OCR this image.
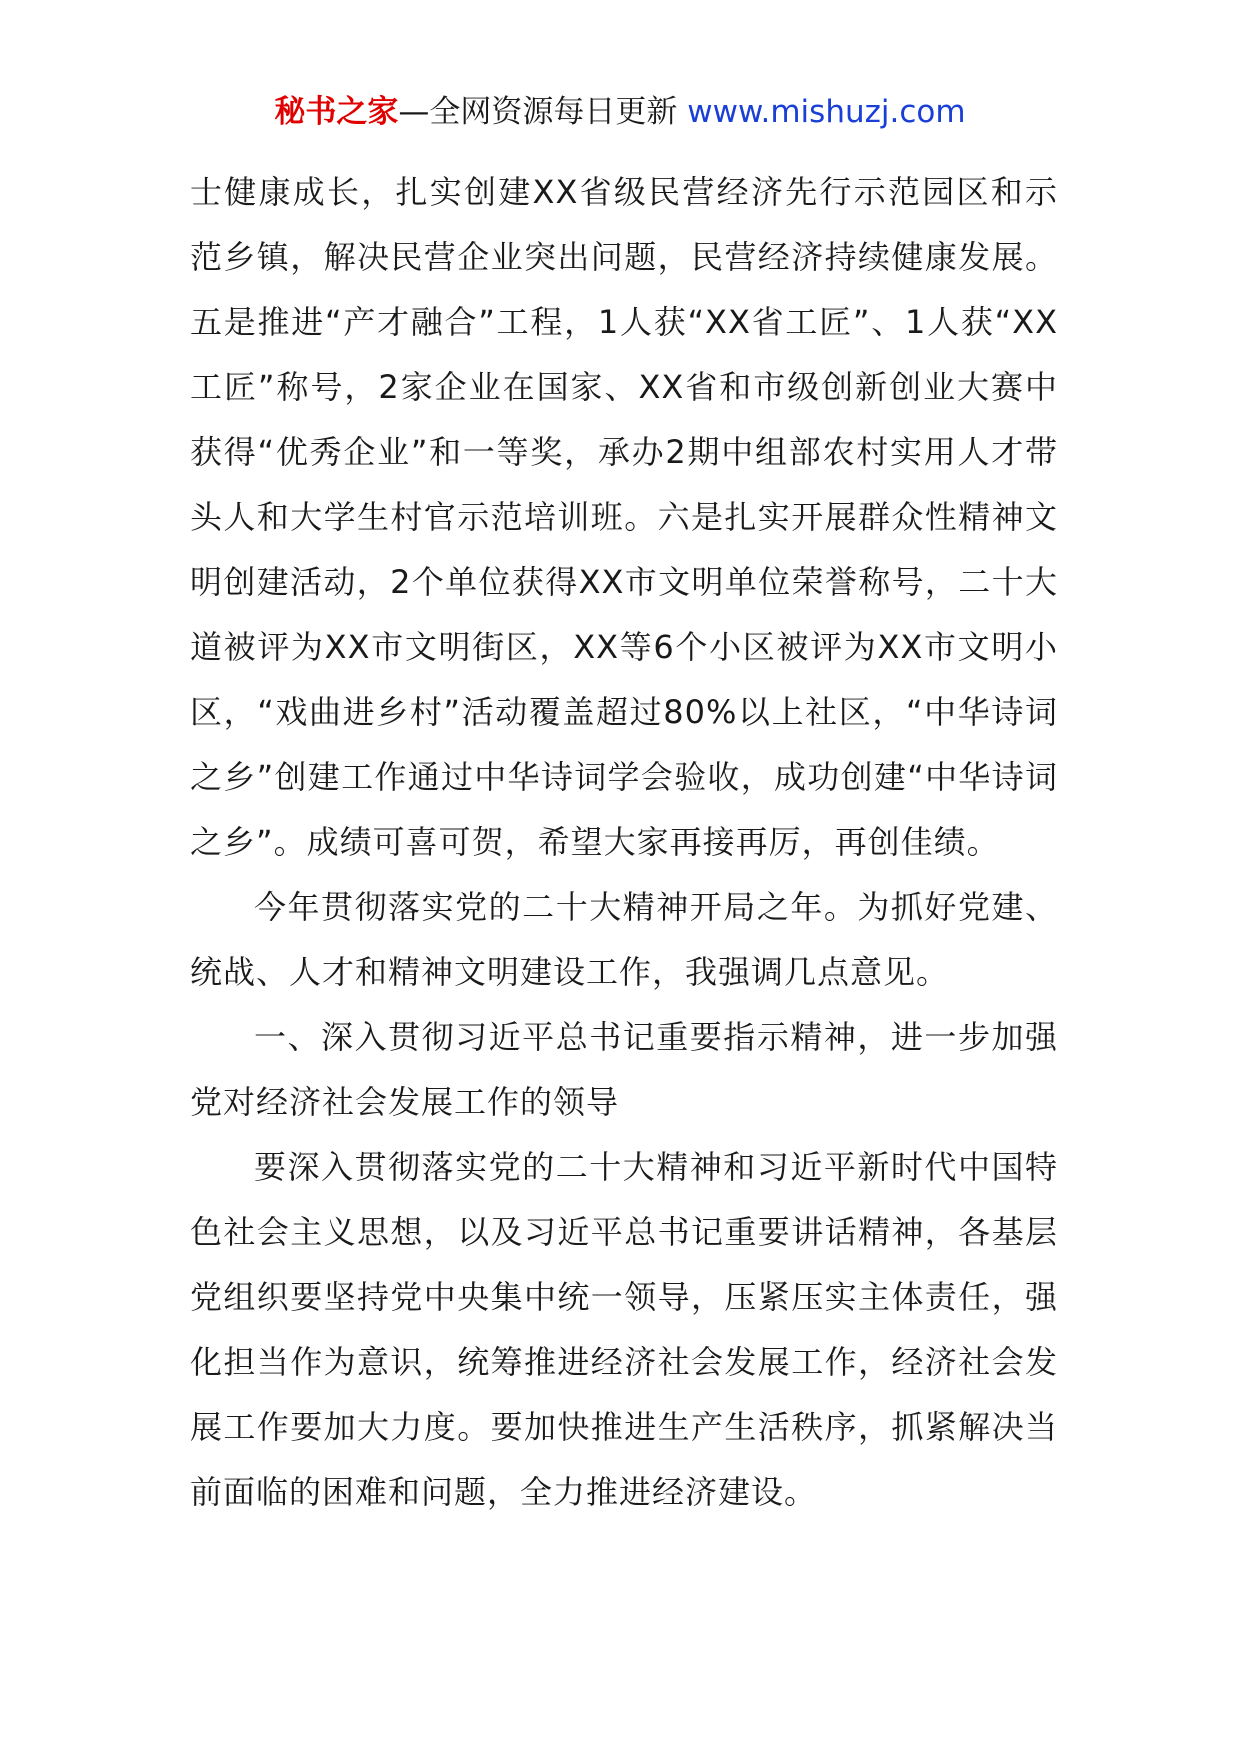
秘书之家—全网资源每日更新 www.mishuzj.com

士健康成长，扎实创建XX省级民营经济先行示范园区和示范乡镇，解决民营企业突出问题，民营经济持续健康发展。五是推进“产才融合”工程，1人获“XX省工匠”、1人获“XX工匠”称号，2家企业在国家、XX省和市级创新创业大赛中获得“优秀企业”和一等奖，承办2期中组部农村实用人才带头人和大学生村官示范培训班。六是扎实开展群众性精神文明创建活动，2个单位获得XX市文明单位荣誉称号，二十大道被评为XX市文明街区，XX等6个小区被评为XX市文明小区，“戏曲进乡村”活动覆盖超过80%以上社区，“中华诗词之乡”创建工作通过中华诗词学会验收，成功创建“中华诗词之乡”。成绩可喜可贺，希望大家再接再厉，再创佳绩。

今年贯彻落实党的二十大精神开局之年。为抓好党建、统战、人才和精神文明建设工作，我强调几点意见。

一、深入贯彻习近平总书记重要指示精神，进一步加强党对经济社会发展工作的领导

要深入贯彻落实党的二十大精神和习近平新时代中国特色社会主义思想，以及习近平总书记重要讲话精神，各基层党组织要坚持党中央集中统一领导，压紧压实主体责任，强化担当作为意识，统筹推进经济社会发展工作，经济社会发展工作要加大力度。要加快推进生产生活秩序，抓紧解决当前面临的困难和问题，全力推进经济建设。
